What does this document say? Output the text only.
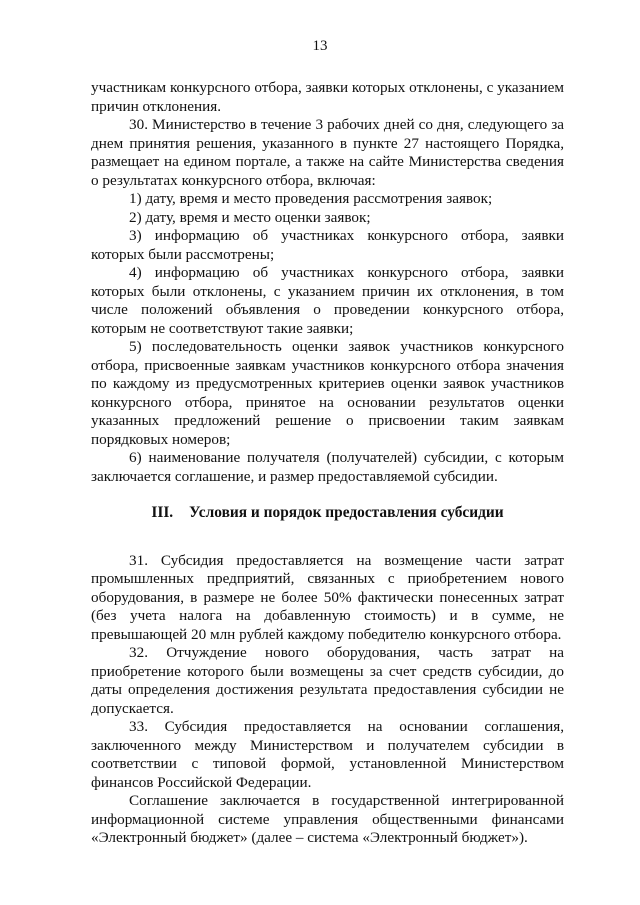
13

участникам конкурсного отбора, заявки которых отклонены, с указанием причин отклонения.

30. Министерство в течение 3 рабочих дней со дня, следующего за днем принятия решения, указанного в пункте 27 настоящего Порядка, размещает на едином портале, а также на сайте Министерства сведения о результатах конкурсного отбора, включая:

1) дату, время и место проведения рассмотрения заявок;

2) дату, время и место оценки заявок;

3) информацию об участниках конкурсного отбора, заявки которых были рассмотрены;

4) информацию об участниках конкурсного отбора, заявки которых были отклонены, с указанием причин их отклонения, в том числе положений объявления о проведении конкурсного отбора, которым не соответствуют такие заявки;

5) последовательность оценки заявок участников конкурсного отбора, присвоенные заявкам участников конкурсного отбора значения по каждому из предусмотренных критериев оценки заявок участников конкурсного отбора, принятое на основании результатов оценки указанных предложений решение о присвоении таким заявкам порядковых номеров;

6) наименование получателя (получателей) субсидии, с которым заключается соглашение, и размер предоставляемой субсидии.

III. Условия и порядок предоставления субсидии

31. Субсидия предоставляется на возмещение части затрат промышленных предприятий, связанных с приобретением нового оборудования, в размере не более 50% фактически понесенных затрат (без учета налога на добавленную стоимость) и в сумме, не превышающей 20 млн рублей каждому победителю конкурсного отбора.

32. Отчуждение нового оборудования, часть затрат на приобретение которого были возмещены за счет средств субсидии, до даты определения достижения результата предоставления субсидии не допускается.

33. Субсидия предоставляется на основании соглашения, заключенного между Министерством и получателем субсидии в соответствии с типовой формой, установленной Министерством финансов Российской Федерации.

Соглашение заключается в государственной интегрированной информационной системе управления общественными финансами «Электронный бюджет» (далее – система «Электронный бюджет»).
